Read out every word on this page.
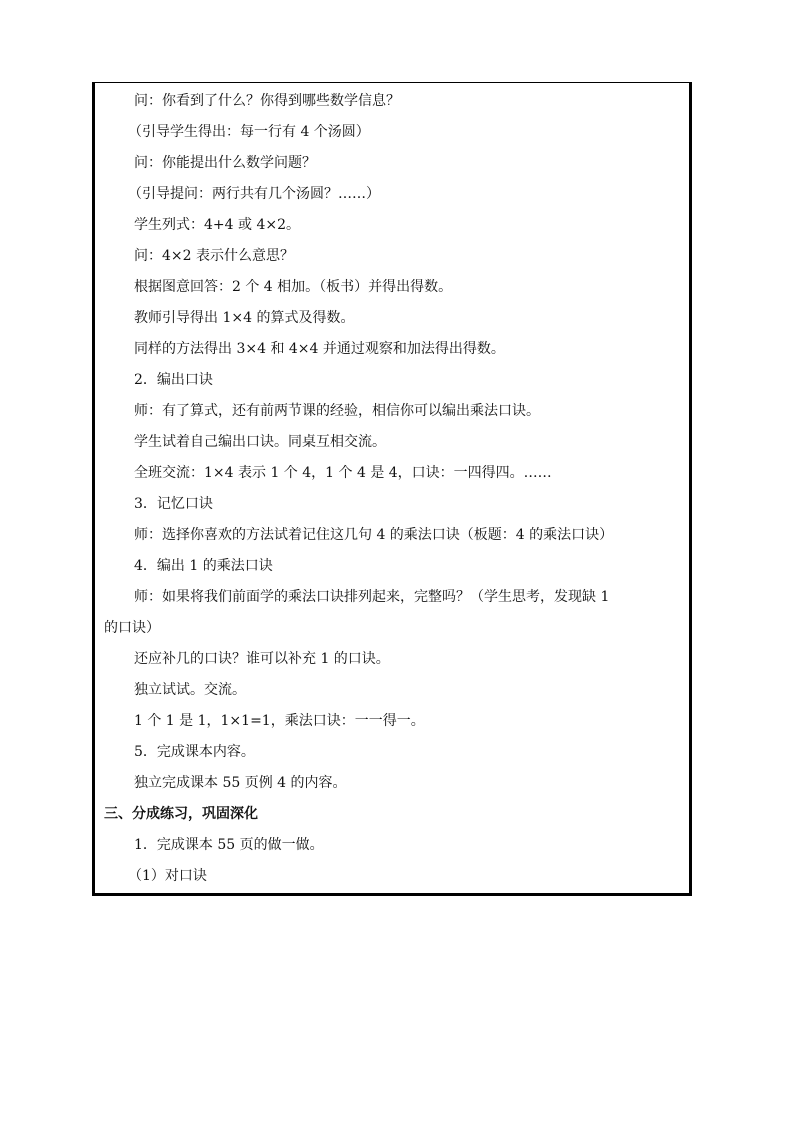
问：你看到了什么？你得到哪些数学信息？
（引导学生得出：每一行有 4 个汤圆）
问：你能提出什么数学问题？
（引导提问：两行共有几个汤圆？……）
学生列式：4+4 或 4×2。
问：4×2 表示什么意思？
根据图意回答：2 个 4 相加。（板书）并得出得数。
教师引导得出 1×4 的算式及得数。
同样的方法得出 3×4 和 4×4 并通过观察和加法得出得数。
2．编出口诀
师：有了算式，还有前两节课的经验，相信你可以编出乘法口诀。
学生试着自己编出口诀。同桌互相交流。
全班交流：1×4 表示 1 个 4，1 个 4 是 4，口诀：一四得四。……
3．记忆口诀
师：选择你喜欢的方法试着记住这几句 4 的乘法口诀（板题：4 的乘法口诀）
4．编出 1 的乘法口诀
师：如果将我们前面学的乘法口诀排列起来，完整吗？（学生思考，发现缺 1
的口诀）
还应补几的口诀？谁可以补充 1 的口诀。
独立试试。交流。
1 个 1 是 1，1×1=1，乘法口诀：一一得一。
5．完成课本内容。
独立完成课本 55 页例 4 的内容。
三、分成练习，巩固深化
1．完成课本 55 页的做一做。
（1）对口诀
